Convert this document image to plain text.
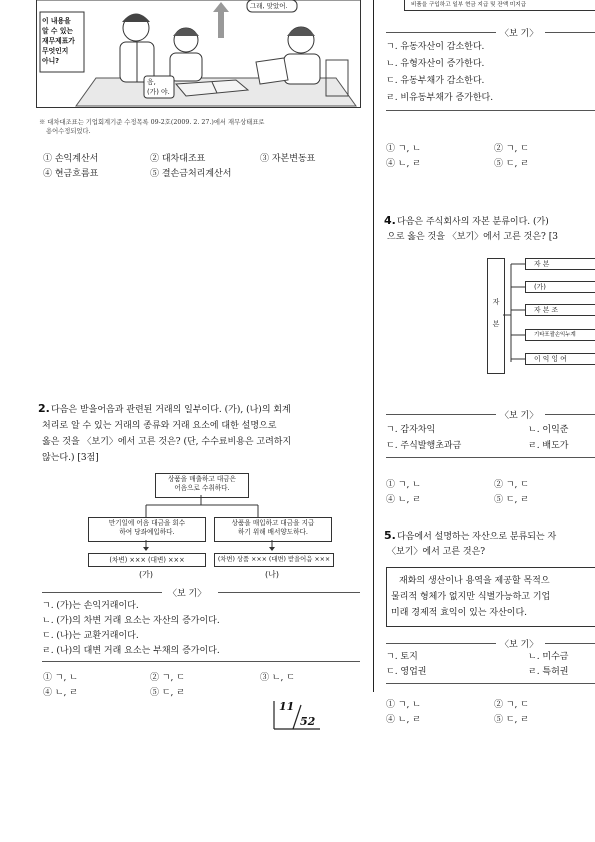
그래, 맞았어.
이 내용을
알 수 있는
재무제표가
무엇인지
아니?
음,
(가) 야.
※ 대차대조표는 기업회계기준 수정목록 09-2호(2009. 2. 27.)에서 재무상태표로
용어수정되었다.
① 손익계산서	② 대차대조표	③ 자본변동표
④ 현금흐름표	⑤ 결손금처리계산서
2. 다음은 받을어음과 관련된 거래의 일부이다. (가), (나)의 회계
처리로 알 수 있는 거래의 종류와 거래 요소에 대한 설명으로
옳은 것을 〈보기〉에서 고른 것은? (단, 수수료비용은 고려하지
않는다.) [3점]
상품을 매출하고 대금은
어음으로 수취하다.
만기일에 어음 대금을 회수
하여 당좌예입하다.
상품을 매입하고 대금을 지급
하기 위해 배서양도하다.
(차변) ××× (대변) ×××	(차변) 상품 ××× (대변) 받을어음 ×××
(가)	(나)
〈보 기〉
ㄱ. (가)는 손익거래이다.
ㄴ. (가)의 차변 거래 요소는 자산의 증가이다.
ㄷ. (나)는 교환거래이다.
ㄹ. (나)의 대변 거래 요소는 부채의 증가이다.
① ㄱ, ㄴ	② ㄱ, ㄷ	③ ㄴ, ㄷ
④ ㄴ, ㄹ	⑤ ㄷ, ㄹ
비품을 구입하고 일부 현금 지급 및 잔액 미지급
〈보 기〉
ㄱ. 유동자산이 감소한다.
ㄴ. 유형자산이 증가한다.
ㄷ. 유동부채가 감소한다.
ㄹ. 비유동부채가 증가한다.
① ㄱ, ㄴ	② ㄱ, ㄷ
④ ㄴ, ㄹ	⑤ ㄷ, ㄹ
4. 다음은 주식회사의 자본 분류이다. (가)
으로 옳은 것을 〈보기〉에서 고른 것은? [3
자
본
자 본
(가)
자 본 조
기타포괄손익누계
이 익 잉 여
〈보 기〉
ㄱ. 감자차익	ㄴ. 이익준
ㄷ. 주식발행초과금	ㄹ. 배도가
① ㄱ, ㄴ	② ㄱ, ㄷ
④ ㄴ, ㄹ	⑤ ㄷ, ㄹ
5. 다음에서 설명하는 자산으로 분류되는 자
〈보기〉에서 고른 것은?
재화의 생산이나 용역을 제공할 목적으
물리적 형체가 없지만 식별가능하고 기업
미래 경제적 효익이 있는 자산이다.
〈보 기〉
ㄱ. 토지	ㄴ. 미수금
ㄷ. 영업권	ㄹ. 특허권
11
52
① ㄱ, ㄴ	② ㄱ, ㄷ
④ ㄴ, ㄹ	⑤ ㄷ, ㄹ
